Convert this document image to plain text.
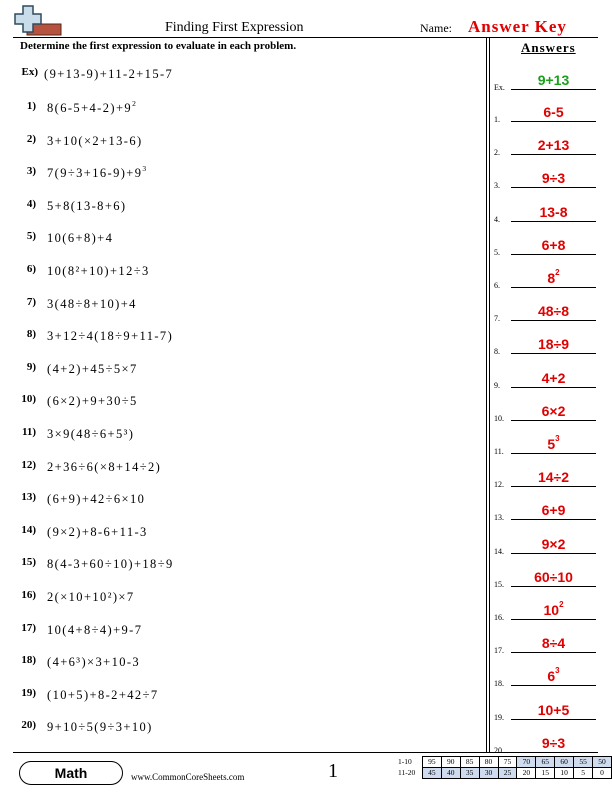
Finding First Expression	Name: Answer Key
Determine the first expression to evaluate in each problem.	Answers
Ex) (9+13-9)+11-2+15-7
1) $8(6-5+4-2)+9^2$
2) 3+10(×2+13-6)
3) $7(9\div 3+16-9)+9^3$
4) 5+8(13-8+6)
5) 10(6+8)+4
6) 10(8²+10)+12÷3
7) 3(48÷8+10)+4
8) 3+12÷4(18÷9+11-7)
9) (4+2)+45÷5×7
10) (6×2)+9+30÷5
11) 3×9(48÷6+5³)
12) 2+36÷6(×8+14÷2)
13) (6+9)+42÷6×10
14) (9×2)+8-6+11-3
15) 8(4-3+60÷10)+18÷9
16) 2(×10+10²)×7
17) 10(4+8÷4)+9-7
18) (4+6³)×3+10-3
19) (10+5)+8-2+42÷7
20) 9+10÷5(9÷3+10)
Ex.	9+13
1.	6-5
2.	2+13
3.	9÷3
4.	13-8
5.	6+8
6.	$8^2$
7.	48÷8
8.	18÷9
9.	4+2
10.	6×2
11.	$5^3$
12.	14÷2
13.	6+9
14.	9×2
15.	60÷10
16.	$10^2$
17.	8÷4
18.	$6^3$
19.	10+5
20.	9÷3
Math	www.CommonCoreSheets.com	1	1-10	95	90	85	80	75	70	65	60	55	50
11-20	45	40	35	30	25	20	15	10	5	0
